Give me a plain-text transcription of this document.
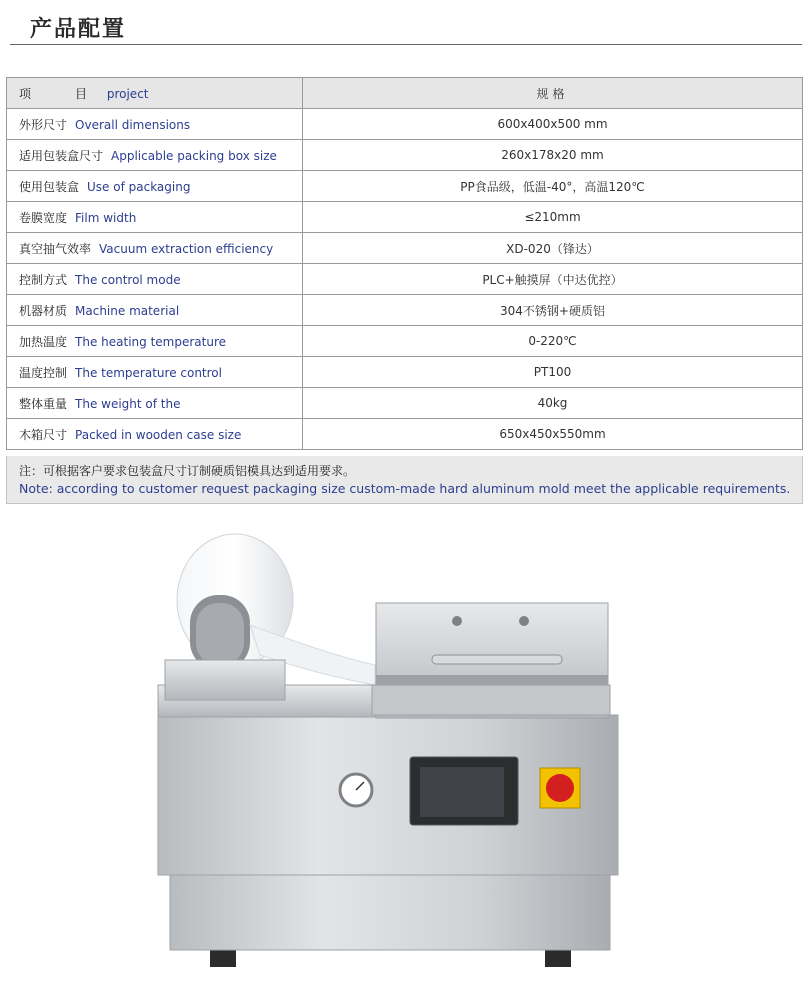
产品配置
项　目 project	规格
外形尺寸 Overall dimensions	600x400x500 mm
适用包装盒尺寸 Applicable packing box size	260x178x20 mm
使用包装盒 Use of packaging	PP食品级，低温-40°，高温120℃
卷膜宽度 Film width	≤210mm
真空抽气效率 Vacuum extraction efficiency	XD-020（锋达）
控制方式 The control mode	PLC+触摸屏（中达优控）
机器材质 Machine material	304不锈钢+硬质铝
加热温度 The heating temperature	0-220℃
温度控制 The temperature control	PT100
整体重量 The weight of the	40kg
木箱尺寸 Packed in wooden case size	650x450x550mm
注：可根据客户要求包装盒尺寸订制硬质铝模具达到适用要求。
Note: according to customer request packaging size custom-made hard aluminum mold meet the applicable requirements.
